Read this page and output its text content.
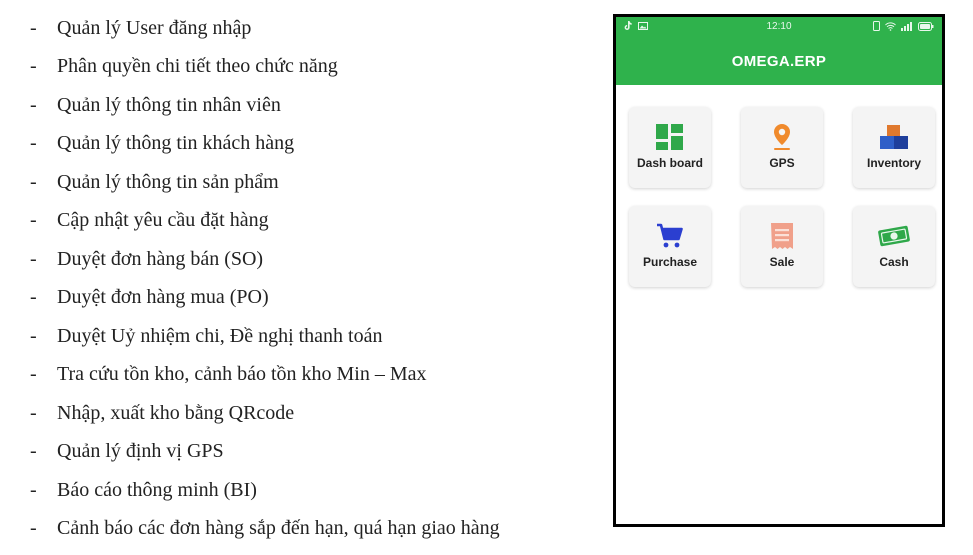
-	Quản lý User đăng nhập
-	Phân quyền chi tiết theo chức năng
-	Quản lý thông tin nhân viên
-	Quản lý thông tin khách hàng
-	Quản lý thông tin sản phẩm
-	Cập nhật yêu cầu đặt hàng
-	Duyệt đơn hàng bán (SO)
-	Duyệt đơn hàng mua (PO)
-	Duyệt Uỷ nhiệm chi, Đề nghị thanh toán
-	Tra cứu tồn kho, cảnh báo tồn kho Min – Max
-	Nhập, xuất kho bằng QRcode
-	Quản lý định vị GPS
-	Báo cáo thông minh (BI)
-	Cảnh báo các đơn hàng sắp đến hạn, quá hạn giao hàng
12:10
OMEGA.ERP
Dash board	GPS	Inventory
Purchase	Sale	Cash
